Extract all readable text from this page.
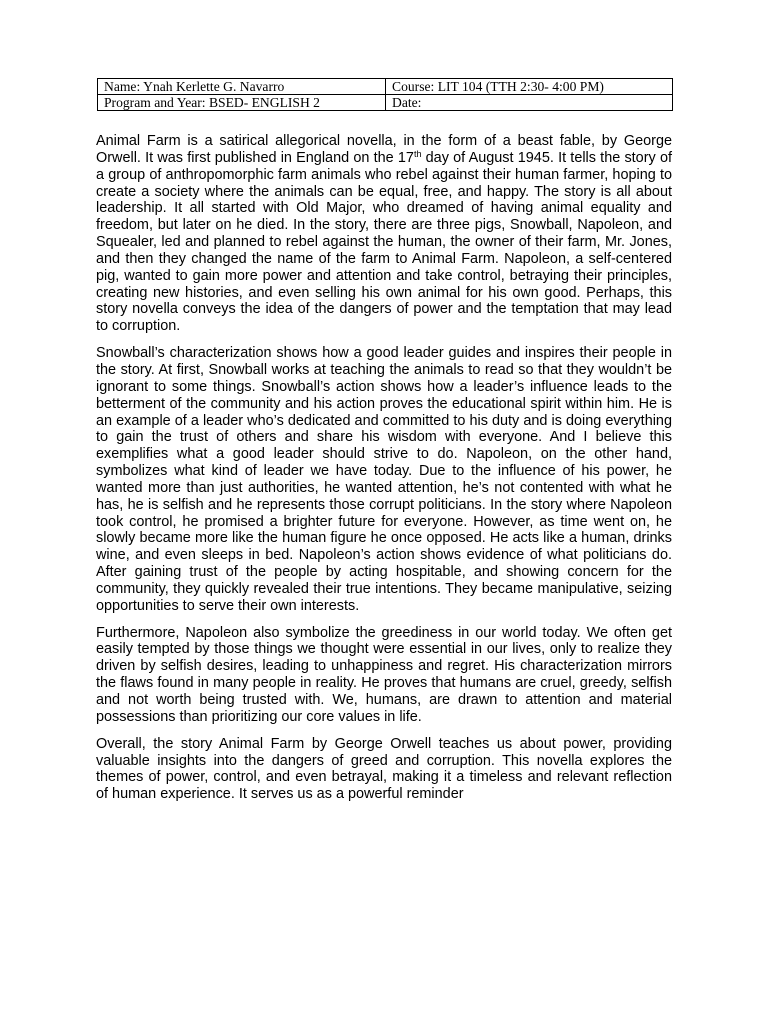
Name: Ynah Kerlette G. Navarro	Course: LIT 104 (TTH 2:30- 4:00 PM)
Program and Year: BSED- ENGLISH 2	Date:

Animal Farm is a satirical allegorical novella, in the form of a beast fable, by George Orwell. It was first published in England on the 17th day of August 1945. It tells the story of a group of anthropomorphic farm animals who rebel against their human farmer, hoping to create a society where the animals can be equal, free, and happy. The story is all about leadership. It all started with Old Major, who dreamed of having animal equality and freedom, but later on he died. In the story, there are three pigs, Snowball, Napoleon, and Squealer, led and planned to rebel against the human, the owner of their farm, Mr. Jones, and then they changed the name of the farm to Animal Farm. Napoleon, a self-centered pig, wanted to gain more power and attention and take control, betraying their principles, creating new histories, and even selling his own animal for his own good. Perhaps, this story novella conveys the idea of the dangers of power and the temptation that may lead to corruption.

Snowball’s characterization shows how a good leader guides and inspires their people in the story. At first, Snowball works at teaching the animals to read so that they wouldn’t be ignorant to some things. Snowball’s action shows how a leader’s influence leads to the betterment of the community and his action proves the educational spirit within him. He is an example of a leader who’s dedicated and committed to his duty and is doing everything to gain the trust of others and share his wisdom with everyone. And I believe this exemplifies what a good leader should strive to do. Napoleon, on the other hand, symbolizes what kind of leader we have today. Due to the influence of his power, he wanted more than just authorities, he wanted attention, he’s not contented with what he has, he is selfish and he represents those corrupt politicians. In the story where Napoleon took control, he promised a brighter future for everyone. However, as time went on, he slowly became more like the human figure he once opposed. He acts like a human, drinks wine, and even sleeps in bed. Napoleon’s action shows evidence of what politicians do. After gaining trust of the people by acting hospitable, and showing concern for the community, they quickly revealed their true intentions. They became manipulative, seizing opportunities to serve their own interests.

Furthermore, Napoleon also symbolize the greediness in our world today. We often get easily tempted by those things we thought were essential in our lives, only to realize they driven by selfish desires, leading to unhappiness and regret. His characterization mirrors the flaws found in many people in reality. He proves that humans are cruel, greedy, selfish and not worth being trusted with. We, humans, are drawn to attention and material possessions than prioritizing our core values in life.

Overall, the story Animal Farm by George Orwell teaches us about power, providing valuable insights into the dangers of greed and corruption. This novella explores the themes of power, control, and even betrayal, making it a timeless and relevant reflection of human experience. It serves us as a powerful reminder
